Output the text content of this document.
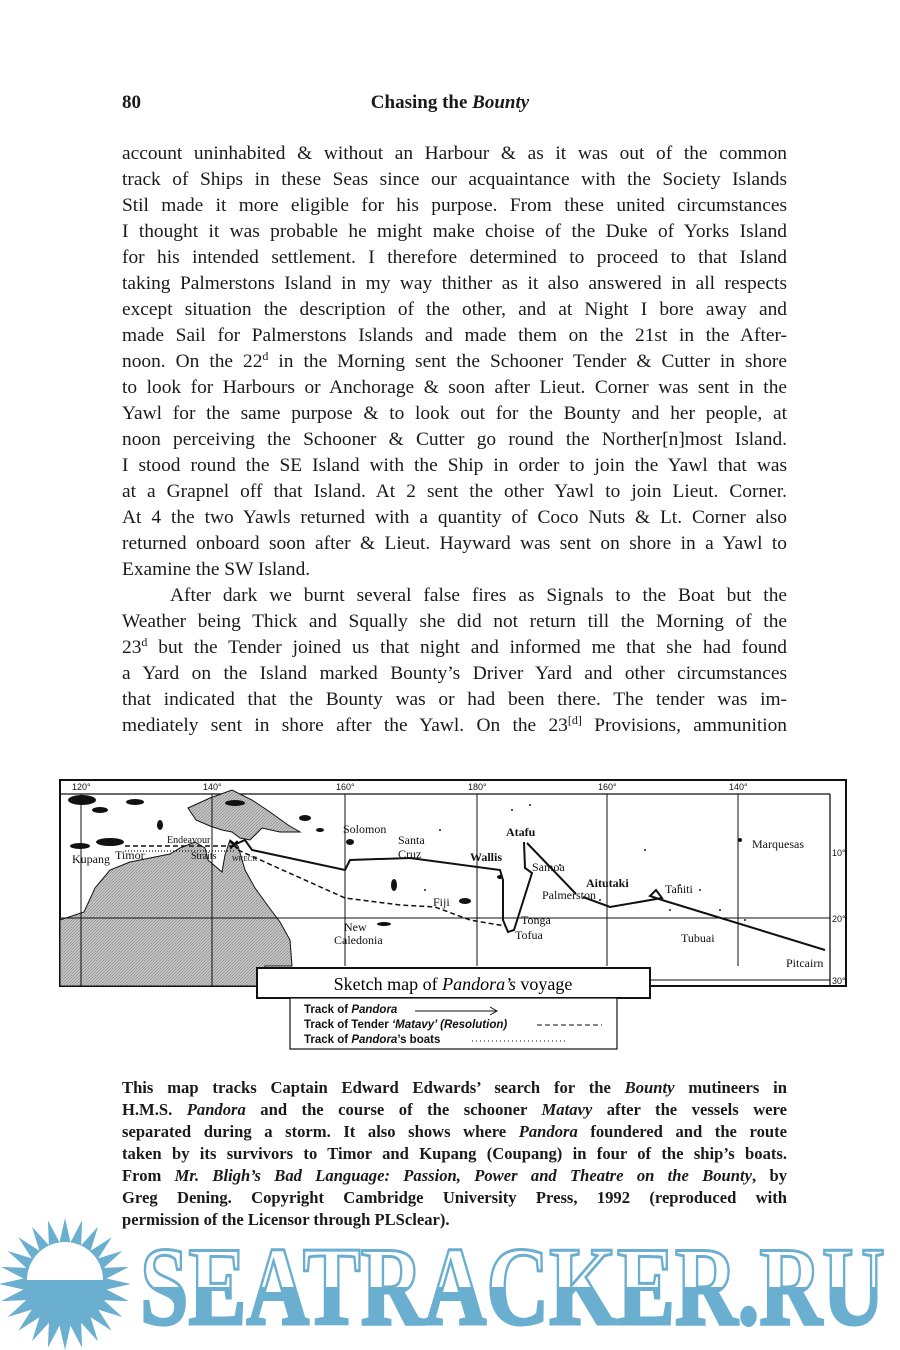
80	Chasing the Bounty
account uninhabited & without an Harbour & as it was out of the common
track of Ships in these Seas since our acquaintance with the Society Islands
Stil made it more eligible for his purpose. From these united circumstances
I thought it was probable he might make choise of the Duke of Yorks Island
for his intended settlement. I therefore determined to proceed to that Island
taking Palmerstons Island in my way thither as it also answered in all respects
except situation the description of the other, and at Night I bore away and
made Sail for Palmerstons Islands and made them on the 21st in the After-
noon. On the 22$^d$ in the Morning sent the Schooner Tender & Cutter in shore
to look for Harbours or Anchorage & soon after Lieut. Corner was sent in the
Yawl for the same purpose & to look out for the Bounty and her people, at
noon perceiving the Schooner & Cutter go round the Norther[n]most Island.
I stood round the SE Island with the Ship in order to join the Yawl that was
at a Grapnel off that Island. At 2 sent the other Yawl to join Lieut. Corner.
At 4 the two Yawls returned with a quantity of Coco Nuts & Lt. Corner also
returned onboard soon after & Lieut. Hayward was sent on shore in a Yawl to
Examine the SW Island.
After dark we burnt several false fires as Signals to the Boat but the
Weather being Thick and Squally she did not return till the Morning of the
23$^d$ but the Tender joined us that night and informed me that she had found
a Yard on the Island marked Bounty’s Driver Yard and other circumstances
that indicated that the Bounty was or had been there. The tender was im-
mediately sent in shore after the Yawl. On the 23[d] Provisions, ammunition
120°	140°	160°	180°	160°	140°
10°
20°
30°
✕
Kupang Timor
Endeavour
Straits WRECK
Solomon
Santa
Cruz
New
Caledonia
Fiji
Wallis
Atafu
Samoa
Tonga
Tofua
Palmerston
Aitutaki	Tahiti
Tubuai
Marquesas
Pitcairn
Sketch map of Pandora’s voyage
Track of Pandora
Track of Tender ‘Matavy’ (Resolution)
Track of Pandora’s boats
This map tracks Captain Edward Edwards’ search for the Bounty mutineers in
H.M.S. Pandora and the course of the schooner Matavy after the vessels were
separated during a storm. It also shows where Pandora foundered and the route
taken by its survivors to Timor and Kupang (Coupang) in four of the ship’s boats.
From Mr. Bligh’s Bad Language: Passion, Power and Theatre on the Bounty, by
Greg Dening. Copyright Cambridge University Press, 1992 (reproduced with
permission of the Licensor through PLSclear).
SEATRACKER.RU
